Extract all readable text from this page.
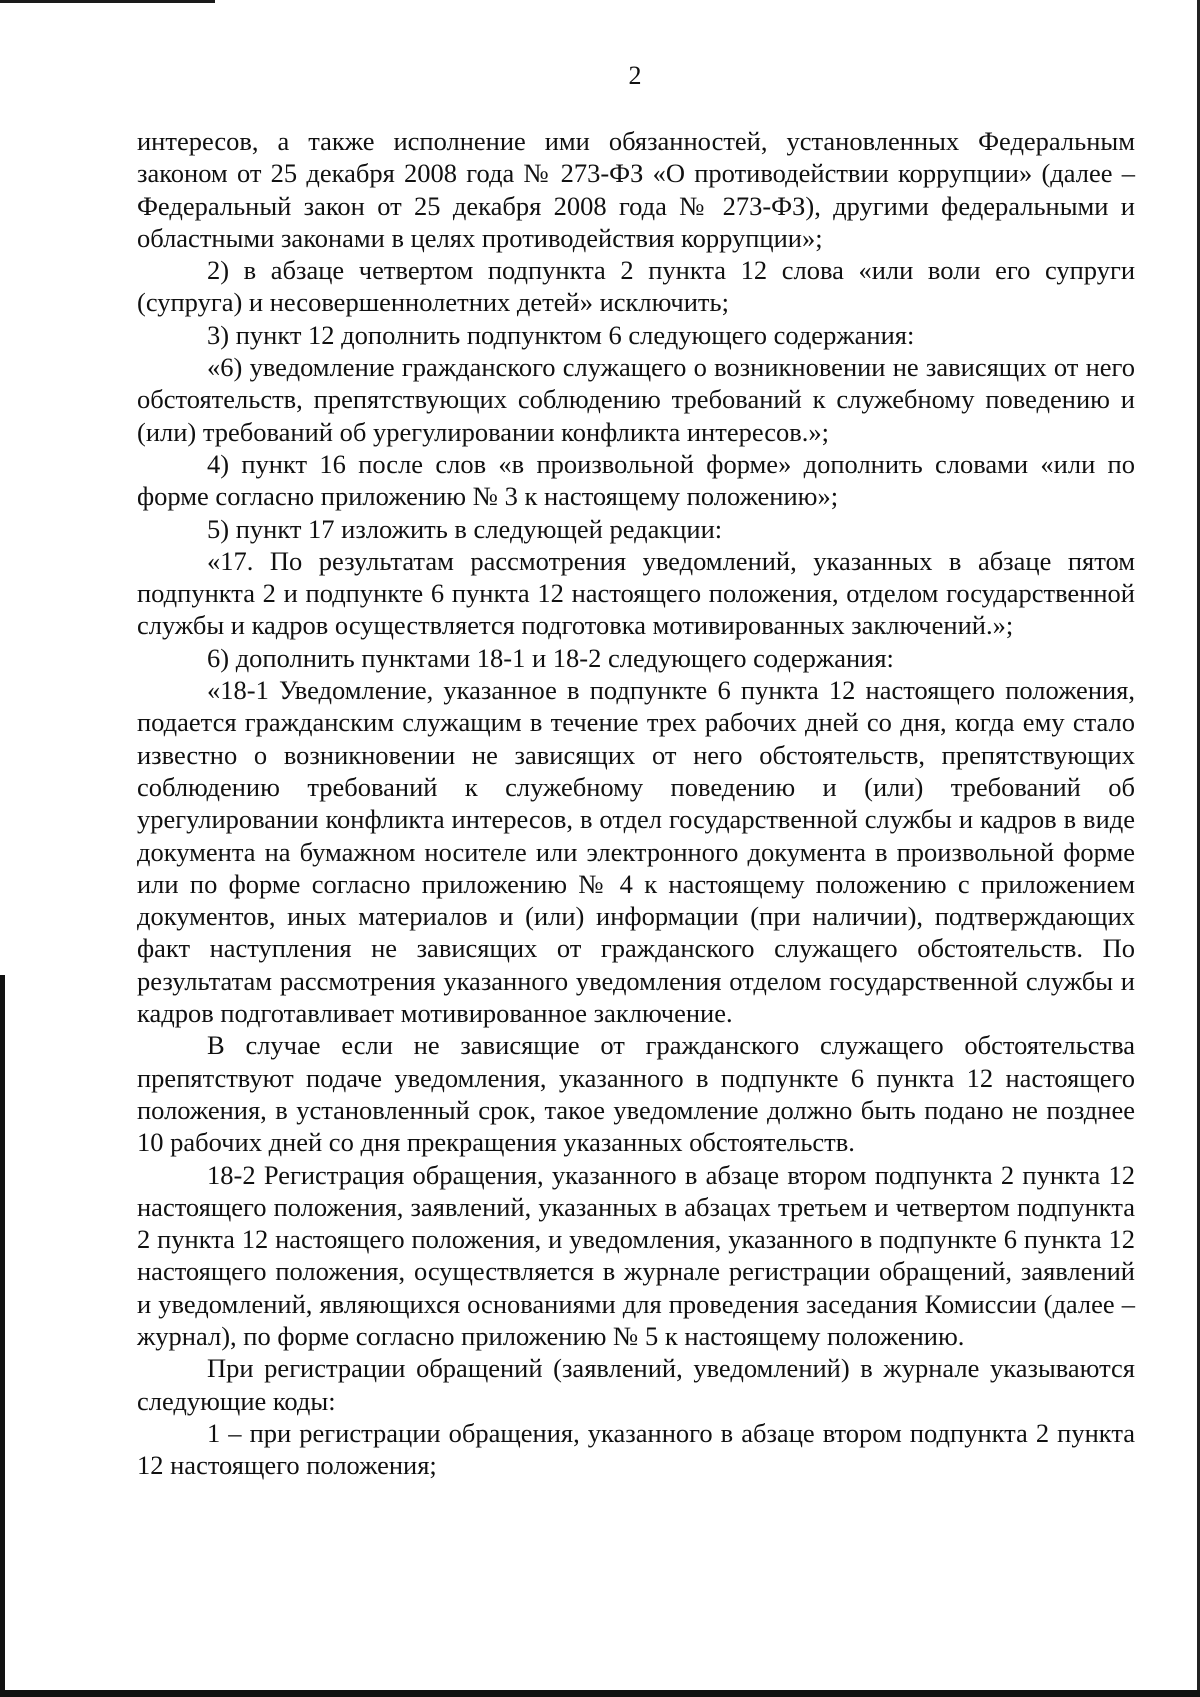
2

интересов, а также исполнение ими обязанностей, установленных Федеральным законом от 25 декабря 2008 года № 273-ФЗ «О противодействии коррупции» (далее – Федеральный закон от 25 декабря 2008 года № 273-ФЗ), другими федеральными и областными законами в целях противодействия коррупции»;

2) в абзаце четвертом подпункта 2 пункта 12 слова «или воли его супруги (супруга) и несовершеннолетних детей» исключить;

3) пункт 12 дополнить подпунктом 6 следующего содержания:

«6) уведомление гражданского служащего о возникновении не зависящих от него обстоятельств, препятствующих соблюдению требований к служебному поведению и (или) требований об урегулировании конфликта интересов.»;

4) пункт 16 после слов «в произвольной форме» дополнить словами «или по форме согласно приложению № 3 к настоящему положению»;

5) пункт 17 изложить в следующей редакции:

«17. По результатам рассмотрения уведомлений, указанных в абзаце пятом подпункта 2 и подпункте 6 пункта 12 настоящего положения, отделом государственной службы и кадров осуществляется подготовка мотивированных заключений.»;

6) дополнить пунктами 18-1 и 18-2 следующего содержания:

«18-1 Уведомление, указанное в подпункте 6 пункта 12 настоящего положения, подается гражданским служащим в течение трех рабочих дней со дня, когда ему стало известно о возникновении не зависящих от него обстоятельств, препятствующих соблюдению требований к служебному поведению и (или) требований об урегулировании конфликта интересов, в отдел государственной службы и кадров в виде документа на бумажном носителе или электронного документа в произвольной форме или по форме согласно приложению № 4 к настоящему положению с приложением документов, иных материалов и (или) информации (при наличии), подтверждающих факт наступления не зависящих от гражданского служащего обстоятельств. По результатам рассмотрения указанного уведомления отделом государственной службы и кадров подготавливает мотивированное заключение.

В случае если не зависящие от гражданского служащего обстоятельства препятствуют подаче уведомления, указанного в подпункте 6 пункта 12 настоящего положения, в установленный срок, такое уведомление должно быть подано не позднее 10 рабочих дней со дня прекращения указанных обстоятельств.

18-2 Регистрация обращения, указанного в абзаце втором подпункта 2 пункта 12 настоящего положения, заявлений, указанных в абзацах третьем и четвертом подпункта 2 пункта 12 настоящего положения, и уведомления, указанного в подпункте 6 пункта 12 настоящего положения, осуществляется в журнале регистрации обращений, заявлений и уведомлений, являющихся основаниями для проведения заседания Комиссии (далее – журнал), по форме согласно приложению № 5 к настоящему положению.

При регистрации обращений (заявлений, уведомлений) в журнале указываются следующие коды:

1 – при регистрации обращения, указанного в абзаце втором подпункта 2 пункта 12 настоящего положения;
